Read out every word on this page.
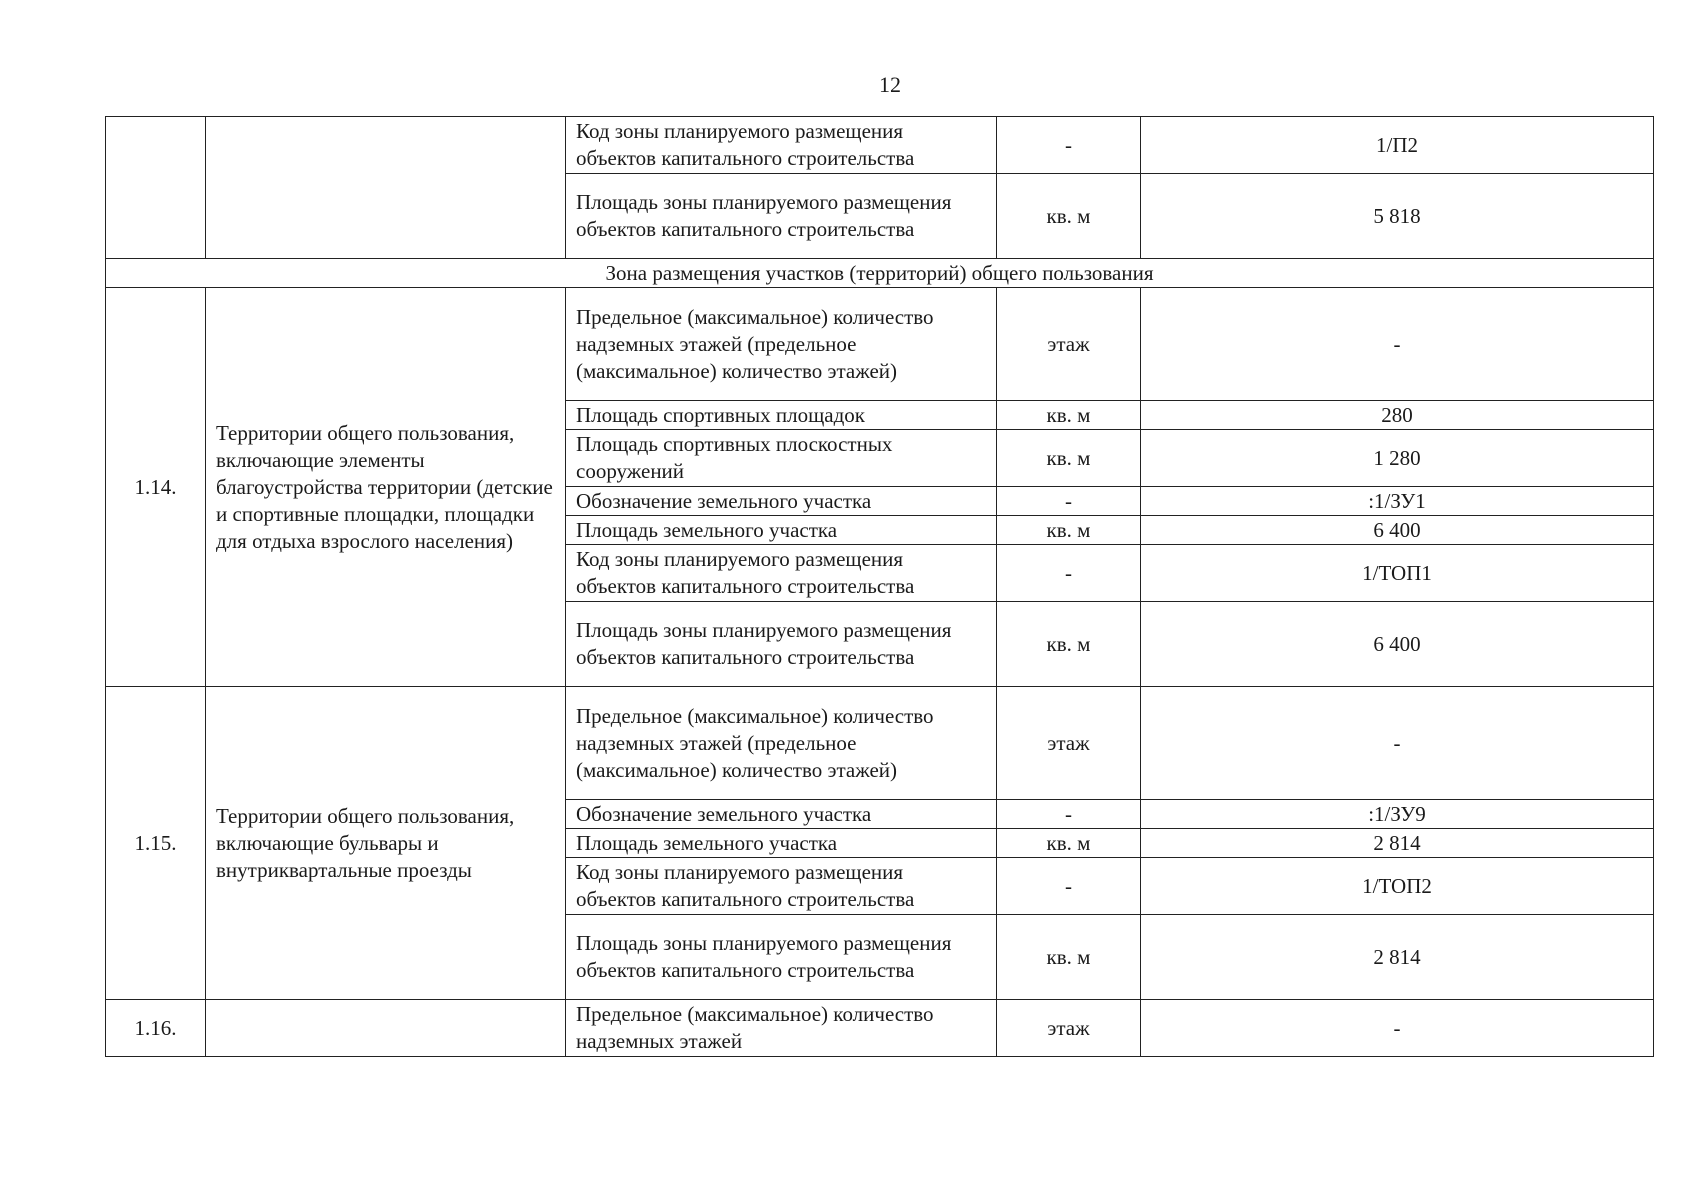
12
		Код зоны планируемого размещения объектов капитального строительства	-	1/П2
		Площадь зоны планируемого размещения объектов капитального строительства	кв. м	5 818
Зона размещения участков (территорий) общего пользования				
1.14.	Территории общего пользования, включающие элементы благоустройства территории (детские и спортивные площадки, площадки для отдыха взрослого населения)	Предельное (максимальное) количество надземных этажей (предельное (максимальное) количество этажей)	этаж	-
		Площадь спортивных площадок	кв. м	280
		Площадь спортивных плоскостных сооружений	кв. м	1 280
		Обозначение земельного участка	-	:1/ЗУ1
		Площадь земельного участка	кв. м	6 400
		Код зоны планируемого размещения объектов капитального строительства	-	1/ТОП1
		Площадь зоны планируемого размещения объектов капитального строительства	кв. м	6 400
1.15.	Территории общего пользования, включающие бульвары и внутриквартальные проезды	Предельное (максимальное) количество надземных этажей (предельное (максимальное) количество этажей)	этаж	-
		Обозначение земельного участка	-	:1/ЗУ9
		Площадь земельного участка	кв. м	2 814
		Код зоны планируемого размещения объектов капитального строительства	-	1/ТОП2
		Площадь зоны планируемого размещения объектов капитального строительства	кв. м	2 814
1.16.		Предельное (максимальное) количество надземных этажей	этаж	-
